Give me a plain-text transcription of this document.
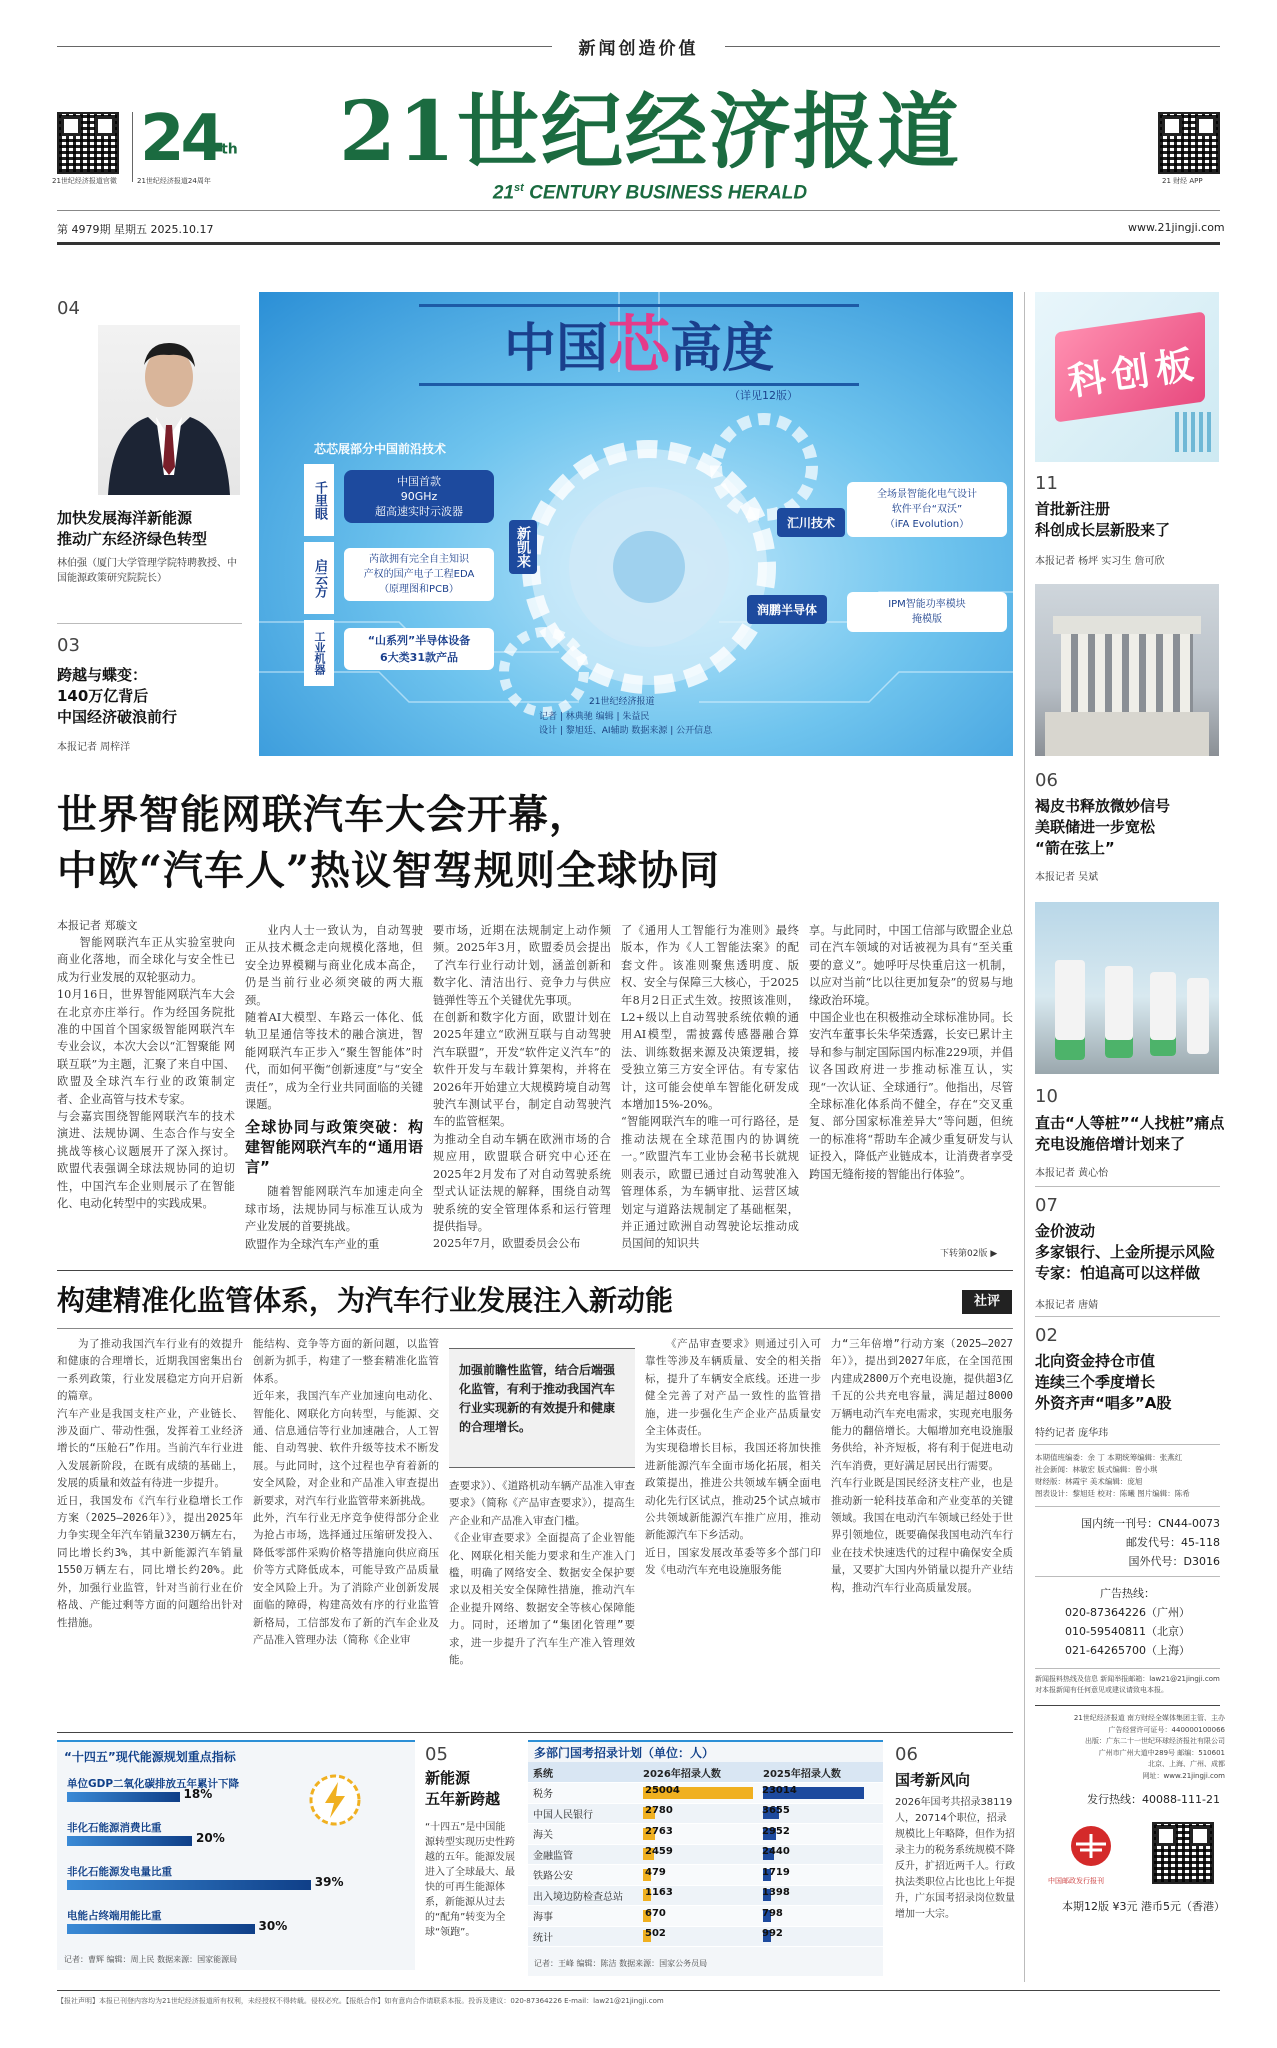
新闻创造价值
21世纪经济报道官微
24th
21世纪经济报道24周年
21世纪经济报道
21st CENTURY BUSINESS HERALD
21 财经 APP
第 4979期 星期五 2025.10.17	www.21jingji.com
04
加快发展海洋新能源
推动广东经济绿色转型
林伯强（厦门大学管理学院特聘教授、中国能源政策研究院院长）
03
跨越与蝶变：
140万亿背后
中国经济破浪前行
本报记者 周梓洋
中国芯高度
（详见12版）
芯芯展部分中国前沿技术
千里眼	中国首款
90GHz
超高速实时示波器
启云方	芮歆拥有完全自主知识
产权的国产电子工程EDA
（原理图和PCB）
工业机器	“山系列”半导体设备
6大类31款产品
新凯来
汇川技术
全场景智能化电气设计
软件平台“双沃”
（iFA Evolution）
润鹏半导体	IPM智能功率模块
掩模版
21世纪经济报道
记者 | 林典驰 编辑 | 朱益民
设计 | 黎旭廷、AI辅助 数据来源 | 公开信息
科创板
11
首批新注册
科创成长层新股来了
本报记者 杨坪 实习生 詹可欣
06
褐皮书释放微妙信号
美联储进一步宽松
“箭在弦上”
本报记者 吴斌
10
直击“人等桩”“人找桩”痛点
充电设施倍增计划来了
本报记者 黄心怡
07
金价波动
多家银行、上金所提示风险
专家：怕追高可以这样做
本报记者 唐婧
02
北向资金持仓市值
连续三个季度增长
外资齐声“唱多”A股
特约记者 庞华玮
本期值班编委：余 丁 本期统筹编辑：张燕红
社会新闻：林敏宏 版式编辑：曾小琪
财经版：林霞宇 美术编辑：庞旭
图表设计：黎旭廷 校对：陈曦 图片编辑：陈希
国内统一刊号：CN44-0073
邮发代号：45-118
国外代号：D3016
广告热线：
020-87364226（广州）
010-59540811（北京）
021-64265700（上海）
新闻报料热线及信息 新闻举报邮箱：law21@21jingji.com
对本报新闻有任何意见或建议请致电本报。
21世纪经济报道 南方财经全媒体集团主管、主办
广告经营许可证号：440000100066
出版：广东二十一世纪环球经济报社有限公司
广州市广州大道中289号 邮编：510601
北京、上海、广州、成都
网址：www.21jingji.com
发行热线：40088-111-21
中国邮政发行报刊
本期12版 ¥3元 港币5元（香港）
世界智能网联汽车大会开幕，
中欧“汽车人”热议智驾规则全球协同
本报记者 郑璇文

智能网联汽车正从实验室驶向商业化落地，而全球化与安全性已成为行业发展的双轮驱动力。
10月16日，世界智能网联汽车大会在北京亦庄举行。作为经国务院批准的中国首个国家级智能网联汽车专业会议，本次大会以“汇智聚能 网联互联”为主题，汇聚了来自中国、欧盟及全球汽车行业的政策制定者、企业高管与技术专家。
与会嘉宾围绕智能网联汽车的技术演进、法规协调、生态合作与安全挑战等核心议题展开了深入探讨。欧盟代表强调全球法规协同的迫切性，中国汽车企业则展示了在智能化、电动化转型中的实践成果。

业内人士一致认为，自动驾驶正从技术概念走向规模化落地，但安全边界模糊与商业化成本高企，仍是当前行业必须突破的两大瓶颈。
随着AI大模型、车路云一体化、低轨卫星通信等技术的融合演进，智能网联汽车正步入“聚生智能体”时代，而如何平衡“创新速度”与“安全责任”，成为全行业共同面临的关键课题。

全球协同与政策突破：构建智能网联汽车的“通用语言”

随着智能网联汽车加速走向全球市场，法规协同与标准互认成为产业发展的首要挑战。
欧盟作为全球汽车产业的重

要市场，近期在法规制定上动作频频。2025年3月，欧盟委员会提出了汽车行业行动计划，涵盖创新和数字化、清洁出行、竞争力与供应链弹性等五个关键优先事项。
在创新和数字化方面，欧盟计划在2025年建立“欧洲互联与自动驾驶汽车联盟”，开发“软件定义汽车”的软件开发与车载计算架构，并将在2026年开始建立大规模跨境自动驾驶汽车测试平台，制定自动驾驶汽车的监管框架。
为推动全自动车辆在欧洲市场的合规应用，欧盟联合研究中心还在2025年2月发布了对自动驾驶系统型式认证法规的解释，围绕自动驾驶系统的安全管理体系和运行管理提供指导。
2025年7月，欧盟委员会公布

了《通用人工智能行为准则》最终版本，作为《人工智能法案》的配套文件。该准则聚焦透明度、版权、安全与保障三大核心，于2025年8月2日正式生效。按照该准则，L2+级以上自动驾驶系统依赖的通用AI模型，需披露传感器融合算法、训练数据来源及决策逻辑，接受独立第三方安全评估。有专家估计，这可能会使单车智能化研发成本增加15%-20%。
“智能网联汽车的唯一可行路径，是推动法规在全球范围内的协调统一。”欧盟汽车工业协会秘书长就规则表示，欧盟已通过自动驾驶准入管理体系，为车辆审批、运营区域划定与道路法规制定了基础框架，并正通过欧洲自动驾驶论坛推动成员国间的知识共

享。与此同时，中国工信部与欧盟企业总司在汽车领域的对话被视为具有“至关重要的意义”。她呼吁尽快重启这一机制，以应对当前“比以往更加复杂”的贸易与地缘政治环境。
中国企业也在积极推动全球标准协同。长安汽车董事长朱华荣透露，长安已累计主导和参与制定国际国内标准229项，并倡议各国政府进一步推动标准互认，实现“一次认证、全球通行”。他指出，尽管全球标准化体系尚不健全，存在“交叉重复、部分国家标准差异大”等问题，但统一的标准将“帮助车企减少重复研发与认证投入，降低产业链成本，让消费者享受跨国无缝衔接的智能出行体验”。

下转第02版 ▶
构建精准化监管体系，为汽车行业发展注入新动能	社评

为了推动我国汽车行业有的效提升和健康的合理增长，近期我国密集出台一系列政策，行业发展稳定方向开启新的篇章。
汽车产业是我国支柱产业，产业链长、涉及面广、带动性强，发挥着工业经济增长的“压舱石”作用。当前汽车行业进入发展新阶段，在既有成绩的基础上，发展的质量和效益有待进一步提升。
近日，我国发布《汽车行业稳增长工作方案（2025—2026年）》，提出2025年力争实现全年汽车销量3230万辆左右，同比增长约3%，其中新能源汽车销量1550万辆左右，同比增长约20%。此外，加强行业监管，针对当前行业在价格战、产能过剩等方面的问题给出针对性措施。

能结构、竞争等方面的新问题，以监管创新为抓手，构建了一整套精准化监管体系。
近年来，我国汽车产业加速向电动化、智能化、网联化方向转型，与能源、交通、信息通信等行业加速融合，人工智能、自动驾驶、软件升级等技术不断发展。与此同时，这个过程也孕育着新的安全风险，对企业和产品准入审查提出新要求，对汽车行业监管带来新挑战。
此外，汽车行业无序竞争使得部分企业为抢占市场，选择通过压缩研发投入、降低零部件采购价格等措施向供应商压价等方式降低成本，可能导致产品质量安全风险上升。为了消除产业创新发展面临的障碍，构建高效有序的行业监管新格局，工信部发布了新的汽车企业及产品准入管理办法（简称《企业审

加强前瞻性监管，结合后端强化监管，有利于推动我国汽车行业实现新的有效提升和健康的合理增长。

查要求》）、《道路机动车辆产品准入审查要求》（简称《产品审查要求》），提高生产企业和产品准入审查门槛。
《企业审查要求》全面提高了企业智能化、网联化相关能力要求和生产准入门槛，明确了网络安全、数据安全保护要求以及相关安全保障性措施，推动汽车企业提升网络、数据安全等核心保障能力。同时，还增加了“集团化管理”要求，进一步提升了汽车生产准入管理效能。

《产品审查要求》则通过引入可靠性等涉及车辆质量、安全的相关指标，提升了车辆安全底线。还进一步健全完善了对产品一致性的监管措施，进一步强化生产企业产品质量安全主体责任。
为实现稳增长目标，我国还将加快推进新能源汽车全面市场化拓展，相关政策提出，推进公共领域车辆全面电动化先行区试点，推动25个试点城市公共领域新能源汽车推广应用，推动新能源汽车下乡活动。
近日，国家发展改革委等多个部门印发《电动汽车充电设施服务能

力“三年倍增”行动方案（2025—2027年）》，提出到2027年底，在全国范围内建成2800万个充电设施，提供超3亿千瓦的公共充电容量，满足超过8000万辆电动汽车充电需求，实现充电服务能力的翻倍增长。大幅增加充电设施服务供给，补齐短板，将有利于促进电动汽车消费，更好满足居民出行需要。
汽车行业既是国民经济支柱产业，也是推动新一轮科技革命和产业变革的关键领域。我国在电动汽车领域已经处于世界引领地位，既要确保我国电动汽车行业在技术快速迭代的过程中确保安全质量，又要扩大国内外销量以提升产业结构，推动汽车行业高质量发展。

“十四五”现代能源规划重点指标
单位GDP二氧化碳排放五年累计下降
18%
非化石能源消费比重
20%
非化石能源发电量比重
39%
电能占终端用能比重
30%
记者：曹辉 编辑：周上民 数据来源：国家能源局
05
新能源
五年新跨越
“十四五”是中国能源转型实现历史性跨越的五年。能源发展进入了全球最大、最快的可再生能源体系，新能源从过去的“配角”转变为全球“领跑”。
多部门国考招录计划（单位：人）
系统	2026年招录人数	2025年招录人数
税务	25004	23014

中国人民银行	2780	3655

海关	2763	2952

金融监管	2459	2440

铁路公安	479	1719

出入境边防检查总站	1163	1398

海事	670	798

统计	502	992
记者：王峰 编辑：陈洁 数据来源：国家公务员局
06
国考新风向
2026年国考共招录38119人，20714个职位，招录规模比上年略降，但作为招录主力的税务系统规模不降反升，扩招近两千人。行政执法类职位占比也比上年提升，广东国考招录岗位数量增加一大宗。
【报社声明】本报已刊登内容均为21世纪经济报道所有权利，未经授权不得转载。侵权必究。【报纸合作】如有意向合作请联系本报。投诉及建议：020-87364226 E-mail：law21@21jingji.com
